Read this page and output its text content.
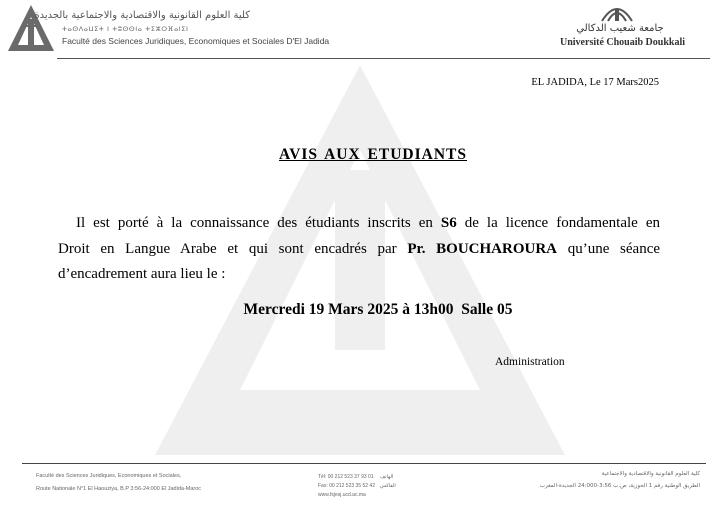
كلية العلوم القانونية والاقتصادية والاجتماعية بالجديدة
ⵜⴰⵙⴷⴰⵡⵉⵜ ⵏ ⵜⵓⵙⵙⵏⴰ ⵜⵉⵣⵔⴼⴰⵏⵉⵏ
Faculté des Sciences Juridiques, Economiques et Sociales D'El Jadida
جامعة شعيب الدكالي
Université Chouaib Doukkali
EL JADIDA, Le 17 Mars2025
AVIS AUX ETUDIANTS
Il est porté à la connaissance des étudiants inscrits en S6 de la licence fondamentale en
Droit en Langue Arabe et qui sont encadrés par Pr. BOUCHAROURA qu’une séance
d’encadrement aura lieu le :
Mercredi 19 Mars 2025 à 13h00  Salle 05
Administration
Faculté des Sciences Juridiques, Economiques et Sociales,
Route Nationale N°1 El Haouziya, B.P 3:56-24:000 El Jadida-Maroc
Tél: 00 212 523 37 93 01 الهاتف
Fax: 00 212 523 35 52 42 الفاكس
www.fsjesj.ucd.ac.ma
كلية العلوم القانونية والاقتصادية والاجتماعية
الطريق الوطنية رقم 1 الحوزية، ص.ب 3:56-24:000 الجديدة-المغرب
